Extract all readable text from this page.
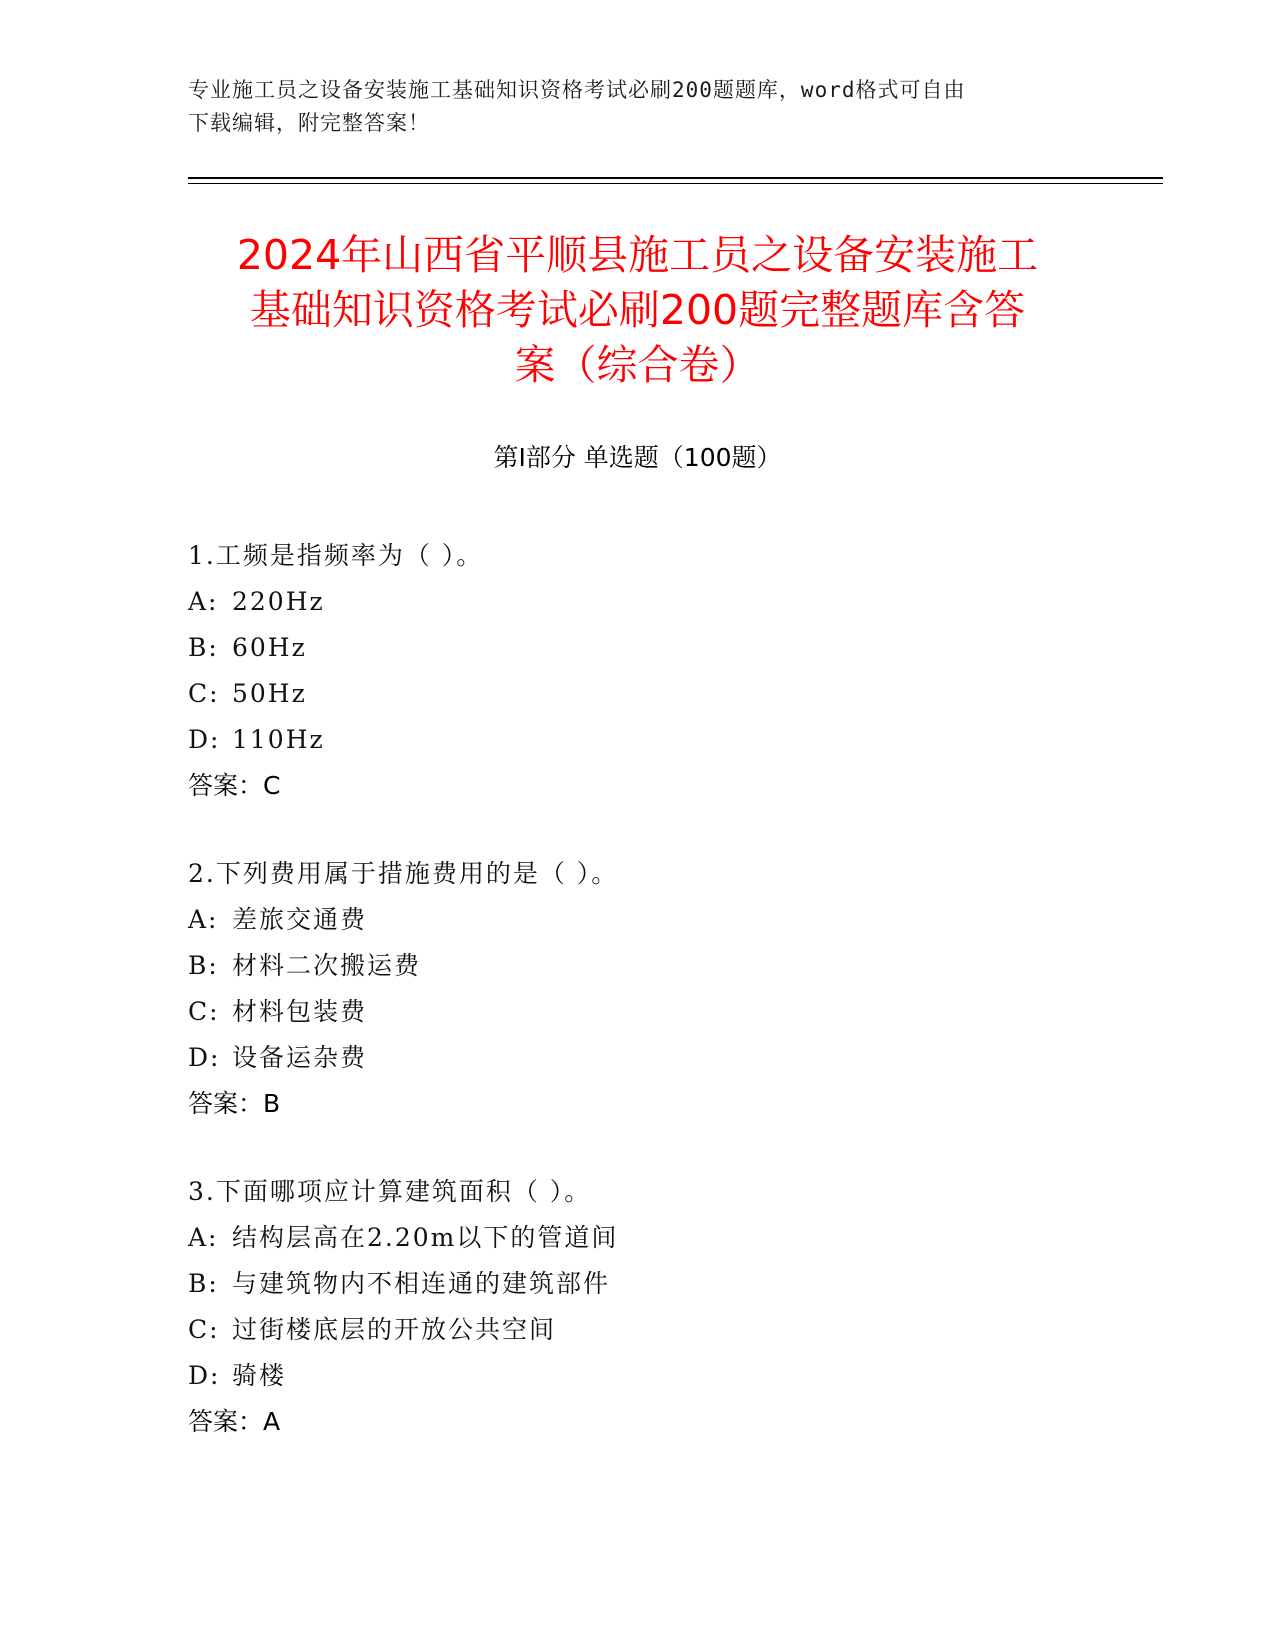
专业施工员之设备安装施工基础知识资格考试必刷200题题库，word格式可自由
下载编辑，附完整答案！
2024年山西省平顺县施工员之设备安装施工
基础知识资格考试必刷200题完整题库含答
案（综合卷）
第Ⅰ部分 单选题（100题）
1.工频是指频率为（ ）。
A: 220Hz
B: 60Hz
C: 50Hz
D: 110Hz
答案：C
2.下列费用属于措施费用的是（ ）。
A: 差旅交通费
B: 材料二次搬运费
C: 材料包装费
D: 设备运杂费
答案：B
3.下面哪项应计算建筑面积（ ）。
A: 结构层高在2.20m以下的管道间
B: 与建筑物内不相连通的建筑部件
C: 过街楼底层的开放公共空间
D: 骑楼
答案：A
